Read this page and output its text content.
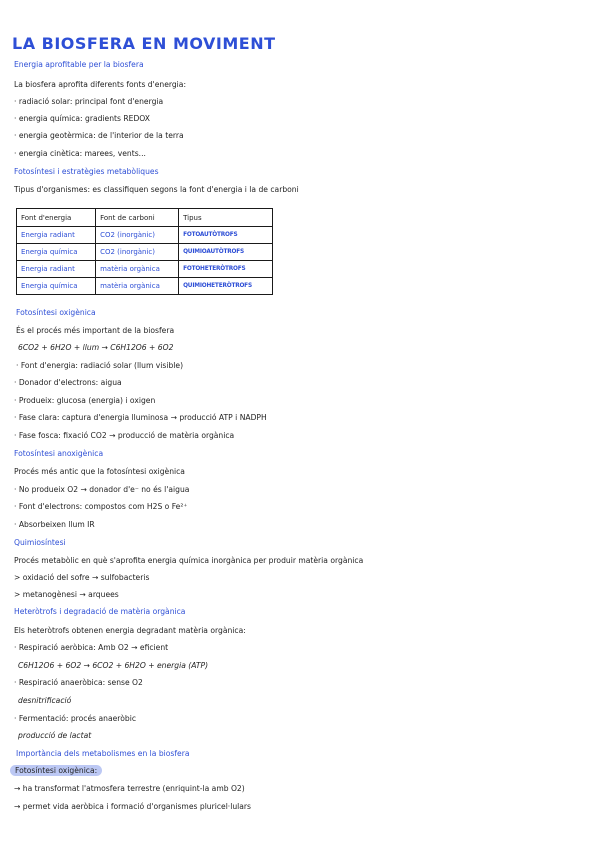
LA BIOSFERA EN MOVIMENT
Energia aprofitable per la biosfera
La biosfera aprofita diferents fonts d'energia:
· radiació solar: principal font d'energia
· energia química: gradients REDOX
· energia geotèrmica: de l'interior de la terra
· energia cinètica: marees, vents...
Fotosíntesi i estratègies metabòliques
Tipus d'organismes: es classifiquen segons la font d'energia i la de carboni
Font d'energia	Font de carboni	Tipus
Energia radiant	CO2 (inorgànic)	FOTOAUTÒTROFS
Energia química	CO2 (inorgànic)	QUIMIOAUTÒTROFS
Energia radiant	matèria orgànica	FOTOHETERÒTROFS
Energia química	matèria orgànica	QUIMIOHETERÒTROFS
Fotosíntesi oxigènica
És el procés més important de la biosfera
6CO2 + 6H2O + llum → C6H12O6 + 6O2
· Font d'energia: radiació solar (llum visible)
· Donador d'electrons: aigua
· Produeix: glucosa (energia) i oxigen
· Fase clara: captura d'energia lluminosa → producció ATP i NADPH
· Fase fosca: fixació CO2 → producció de matèria orgànica
Fotosíntesi anoxigènica
Procés més antic que la fotosíntesi oxigènica
· No produeix O2 → donador d'e⁻ no és l'aigua
· Font d'electrons: compostos com H2S o Fe²⁺
· Absorbeixen llum IR
Quimiosíntesi
Procés metabòlic en què s'aprofita energia química inorgànica per produir matèria orgànica
> oxidació del sofre → sulfobacteris
> metanogènesi → arquees
Heteròtrofs i degradació de matèria orgànica
Els heteròtrofs obtenen energia degradant matèria orgànica:
· Respiració aeròbica: Amb O2 → eficient
C6H12O6 + 6O2 → 6CO2 + 6H2O + energia (ATP)
· Respiració anaeròbica: sense O2
desnitrificació
· Fermentació: procés anaeròbic
producció de lactat
Importància dels metabolismes en la biosfera
Fotosíntesi oxigènica:
→ ha transformat l'atmosfera terrestre (enriquint-la amb O2)
→ permet vida aeròbica i formació d'organismes pluricel·lulars
